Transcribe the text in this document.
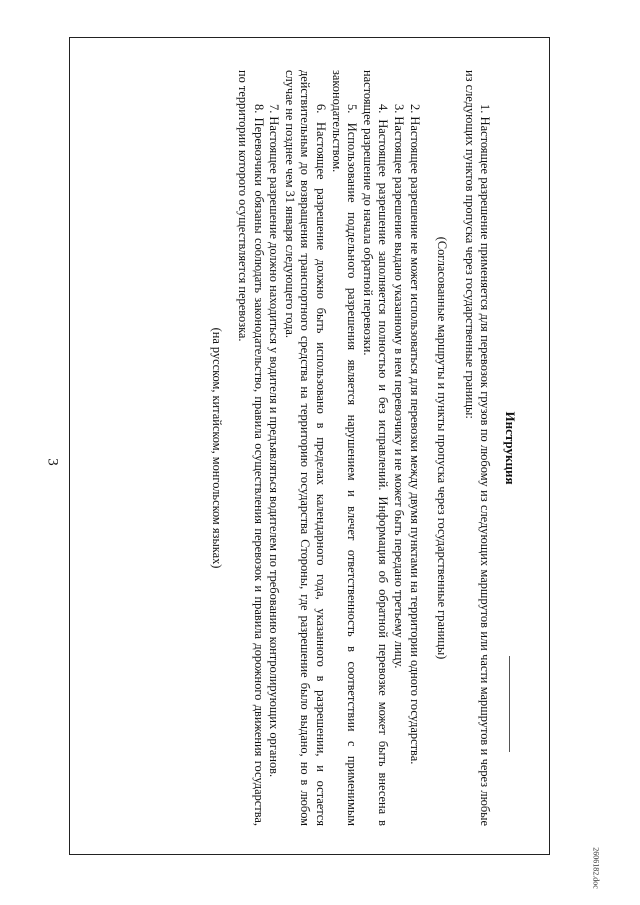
3	Инструкция

1. Настоящее разрешение применяется для перевозок грузов по любому из следующих маршрутов или части маршрутов и через любые из следующих пунктов пропуска через государственные границы:

(Согласованные маршруты и пункты пропуска через государственные границы)

2. Настоящее разрешение не может использоваться для перевозки между двумя пунктами на территории одного государства.

3. Настоящее разрешение выдано указанному в нем перевозчику и не может быть передано третьему лицу.

4. Настоящее разрешение заполняется полностью и без исправлений. Информация об обратной перевозке может быть внесена в настоящее разрешение до начала обратной перевозки.

5. Использование поддельного разрешения является нарушением и влечет ответственность в соответствии с применимым законодательством.

6. Настоящее разрешение должно быть использовано в пределах календарного года, указанного в разрешении, и остается действительным до возвращения транспортного средства на территорию государства Стороны, где разрешение было выдано, но в любом случае не позднее чем 31 января следующего года.

7. Настоящее разрешение должно находиться у водителя и предъявляться водителем по требованию контролирующих органов.

8. Перевозчики обязаны соблюдать законодательство, правила осуществления перевозок и правила дорожного движения государства, по территории которого осуществляется перевозка.

(на русском, китайском, монгольском языках)

2606182.doc
